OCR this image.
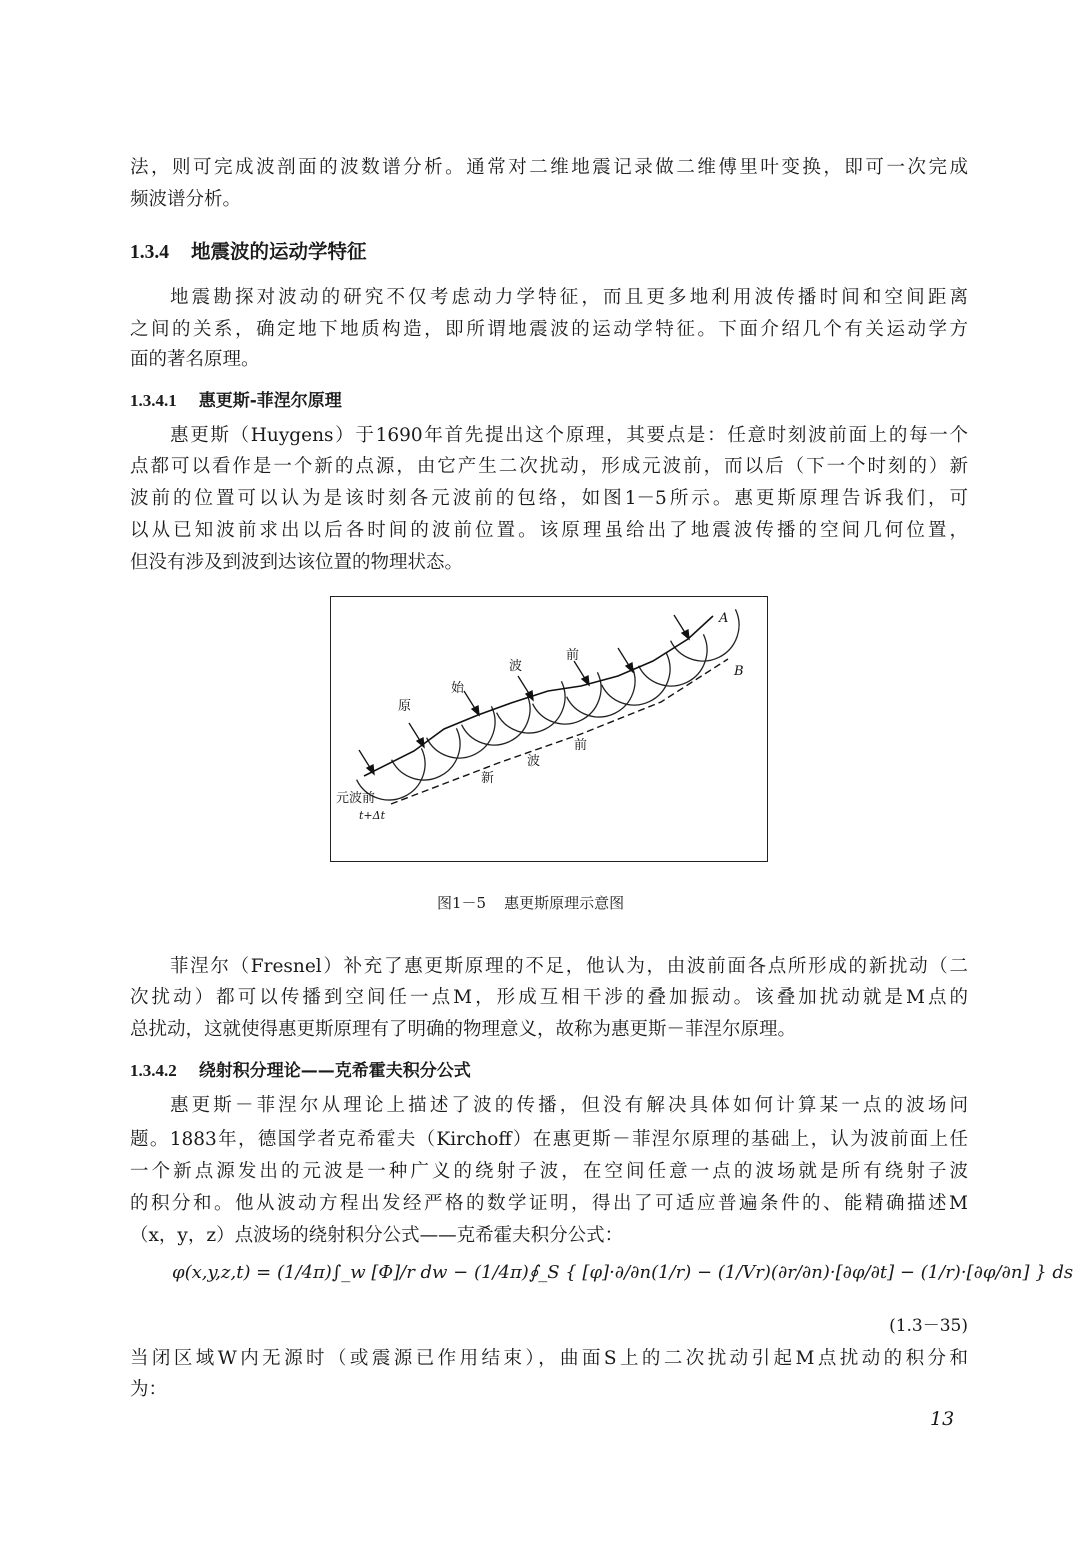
法，则可完成波剖面的波数谱分析。通常对二维地震记录做二维傅里叶变换，即可一次完成
频波谱分析。
1.3.4 地震波的运动学特征
地震勘探对波动的研究不仅考虑动力学特征，而且更多地利用波传播时间和空间距离
之间的关系，确定地下地质构造，即所谓地震波的运动学特征。下面介绍几个有关运动学方
面的著名原理。
1.3.4.1 惠更斯-菲涅尔原理
惠更斯（Huygens）于1690年首先提出这个原理，其要点是：任意时刻波前面上的每一个
点都可以看作是一个新的点源，由它产生二次扰动，形成元波前，而以后（下一个时刻的）新
波前的位置可以认为是该时刻各元波前的包络，如图1－5所示。惠更斯原理告诉我们，可
以从已知波前求出以后各时间的波前位置。该原理虽给出了地震波传播的空间几何位置，
但没有涉及到波到达该位置的物理状态。
原
始
波
前
新
波
前
A
B
元波前
t+Δt
图1－5 惠更斯原理示意图
菲涅尔（Fresnel）补充了惠更斯原理的不足，他认为，由波前面各点所形成的新扰动（二
次扰动）都可以传播到空间任一点M，形成互相干涉的叠加振动。该叠加扰动就是M点的
总扰动，这就使得惠更斯原理有了明确的物理意义，故称为惠更斯－菲涅尔原理。
1.3.4.2 绕射积分理论——克希霍夫积分公式
惠更斯－菲涅尔从理论上描述了波的传播，但没有解决具体如何计算某一点的波场问
题。1883年，德国学者克希霍夫（Kirchoff）在惠更斯－菲涅尔原理的基础上，认为波前面上任
一个新点源发出的元波是一种广义的绕射子波，在空间任意一点的波场就是所有绕射子波
的积分和。他从波动方程出发经严格的数学证明，得出了可适应普遍条件的、能精确描述M
（x，y，z）点波场的绕射积分公式——克希霍夫积分公式：
φ(x,y,z,t) = (1/4π)∫_w [Φ]/r dw − (1/4π)∮_S { [φ]·∂/∂n(1/r) − (1/Vr)(∂r/∂n)·[∂φ/∂t] − (1/r)·[∂φ/∂n] } ds
(1.3－35)
当闭区域W内无源时（或震源已作用结束），曲面S上的二次扰动引起M点扰动的积分和
为：
13
